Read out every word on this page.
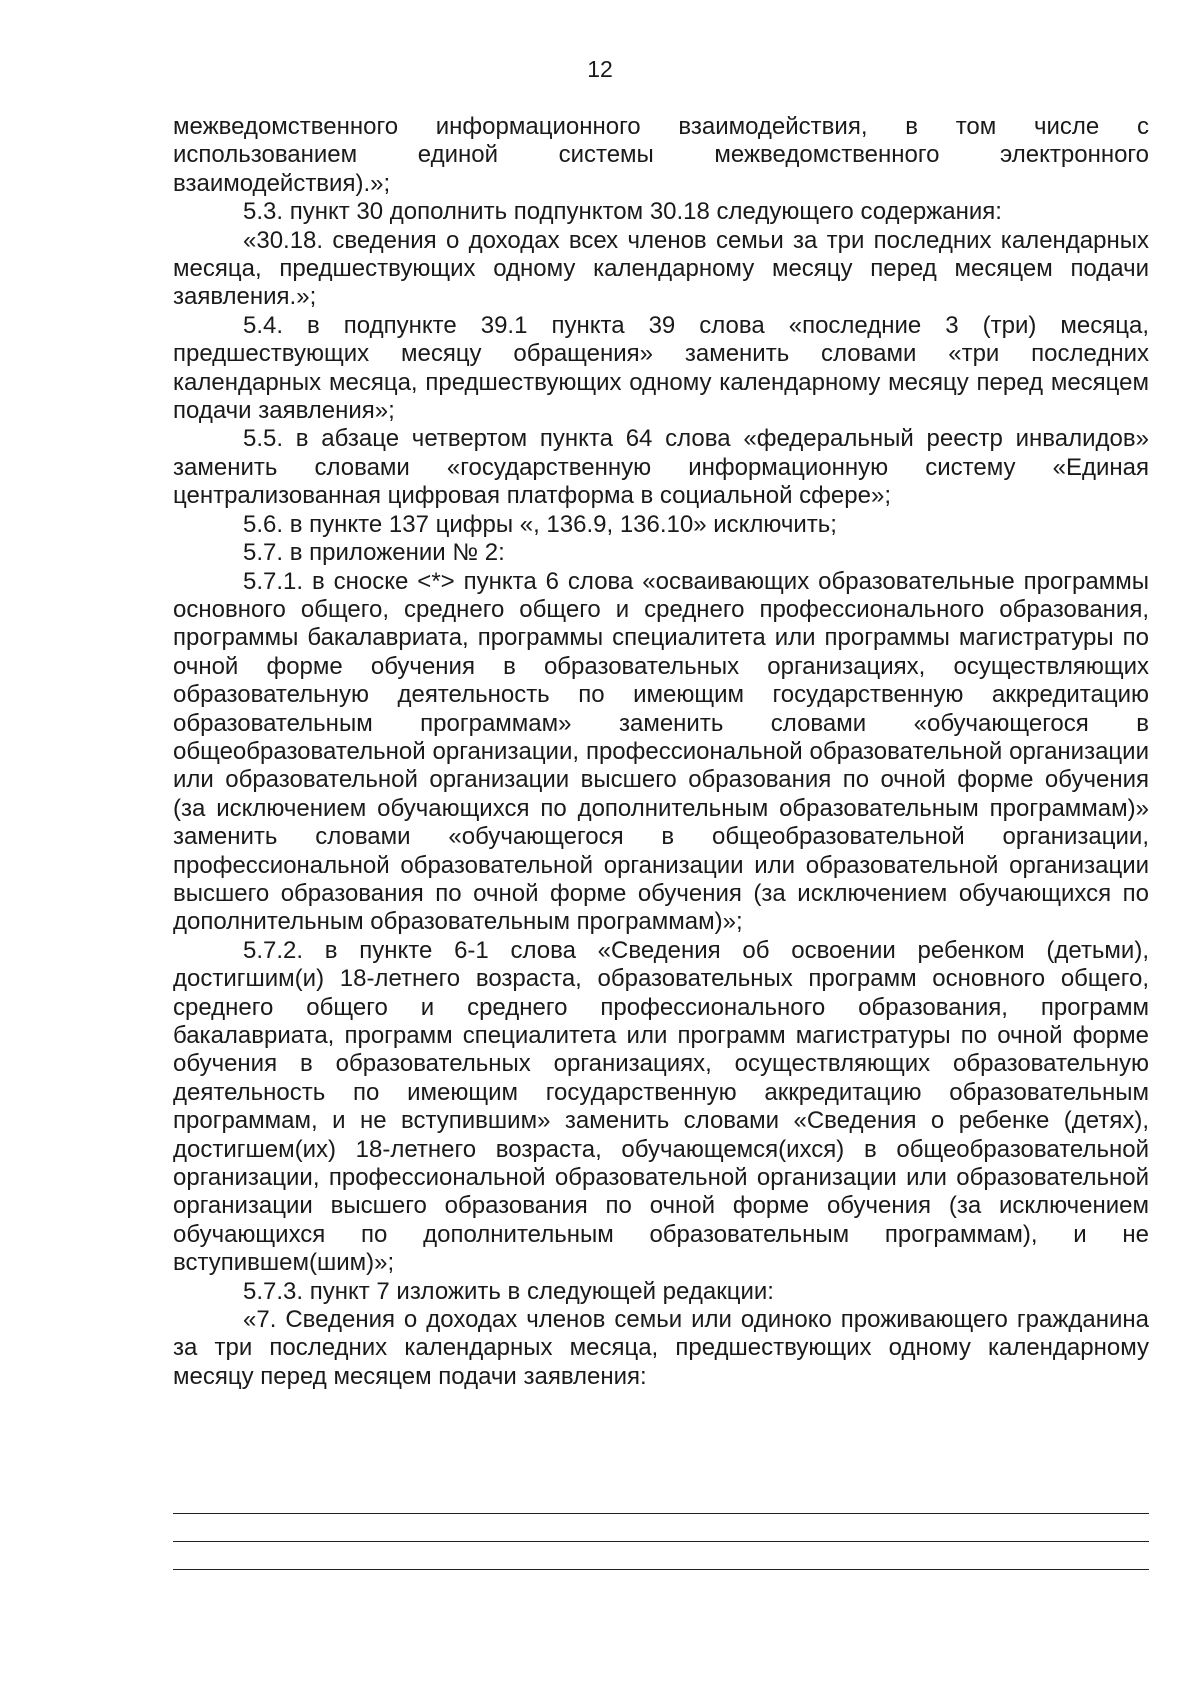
12

межведомственного информационного взаимодействия, в том числе с использованием единой системы межведомственного электронного взаимодействия).»;

5.3. пункт 30 дополнить подпунктом 30.18 следующего содержания:

«30.18. сведения о доходах всех членов семьи за три последних календарных месяца, предшествующих одному календарному месяцу перед месяцем подачи заявления.»;

5.4. в подпункте 39.1 пункта 39 слова «последние 3 (три) месяца, предшествующих месяцу обращения» заменить словами «три последних календарных месяца, предшествующих одному календарному месяцу перед месяцем подачи заявления»;

5.5. в абзаце четвертом пункта 64 слова «федеральный реестр инвалидов» заменить словами «государственную информационную систему «Единая централизованная цифровая платформа в социальной сфере»;

5.6. в пункте 137 цифры «, 136.9, 136.10» исключить;

5.7. в приложении № 2:

5.7.1. в сноске <*> пункта 6 слова «осваивающих образовательные программы основного общего, среднего общего и среднего профессионального образования, программы бакалавриата, программы специалитета или программы магистратуры по очной форме обучения в образовательных организациях, осуществляющих образовательную деятельность по имеющим государственную аккредитацию образовательным программам» заменить словами «обучающегося в общеобразовательной организации, профессиональной образовательной организации или образовательной организации высшего образования по очной форме обучения (за исключением обучающихся по дополнительным образовательным программам)» заменить словами «обучающегося в общеобразовательной организации, профессиональной образовательной организации или образовательной организации высшего образования по очной форме обучения (за исключением обучающихся по дополнительным образовательным программам)»;

5.7.2. в пункте 6-1 слова «Сведения об освоении ребенком (детьми), достигшим(и) 18-летнего возраста, образовательных программ основного общего, среднего общего и среднего профессионального образования, программ бакалавриата, программ специалитета или программ магистратуры по очной форме обучения в образовательных организациях, осуществляющих образовательную деятельность по имеющим государственную аккредитацию образовательным программам, и не вступившим» заменить словами «Сведения о ребенке (детях), достигшем(их) 18-летнего возраста, обучающемся(ихся) в общеобразовательной организации, профессиональной образовательной организации или образовательной организации высшего образования по очной форме обучения (за исключением обучающихся по дополнительным образовательным программам), и не вступившем(шим)»;

5.7.3. пункт 7 изложить в следующей редакции:

«7. Сведения о доходах членов семьи или одиноко проживающего гражданина за три последних календарных месяца, предшествующих одному календарному месяцу перед месяцем подачи заявления:
